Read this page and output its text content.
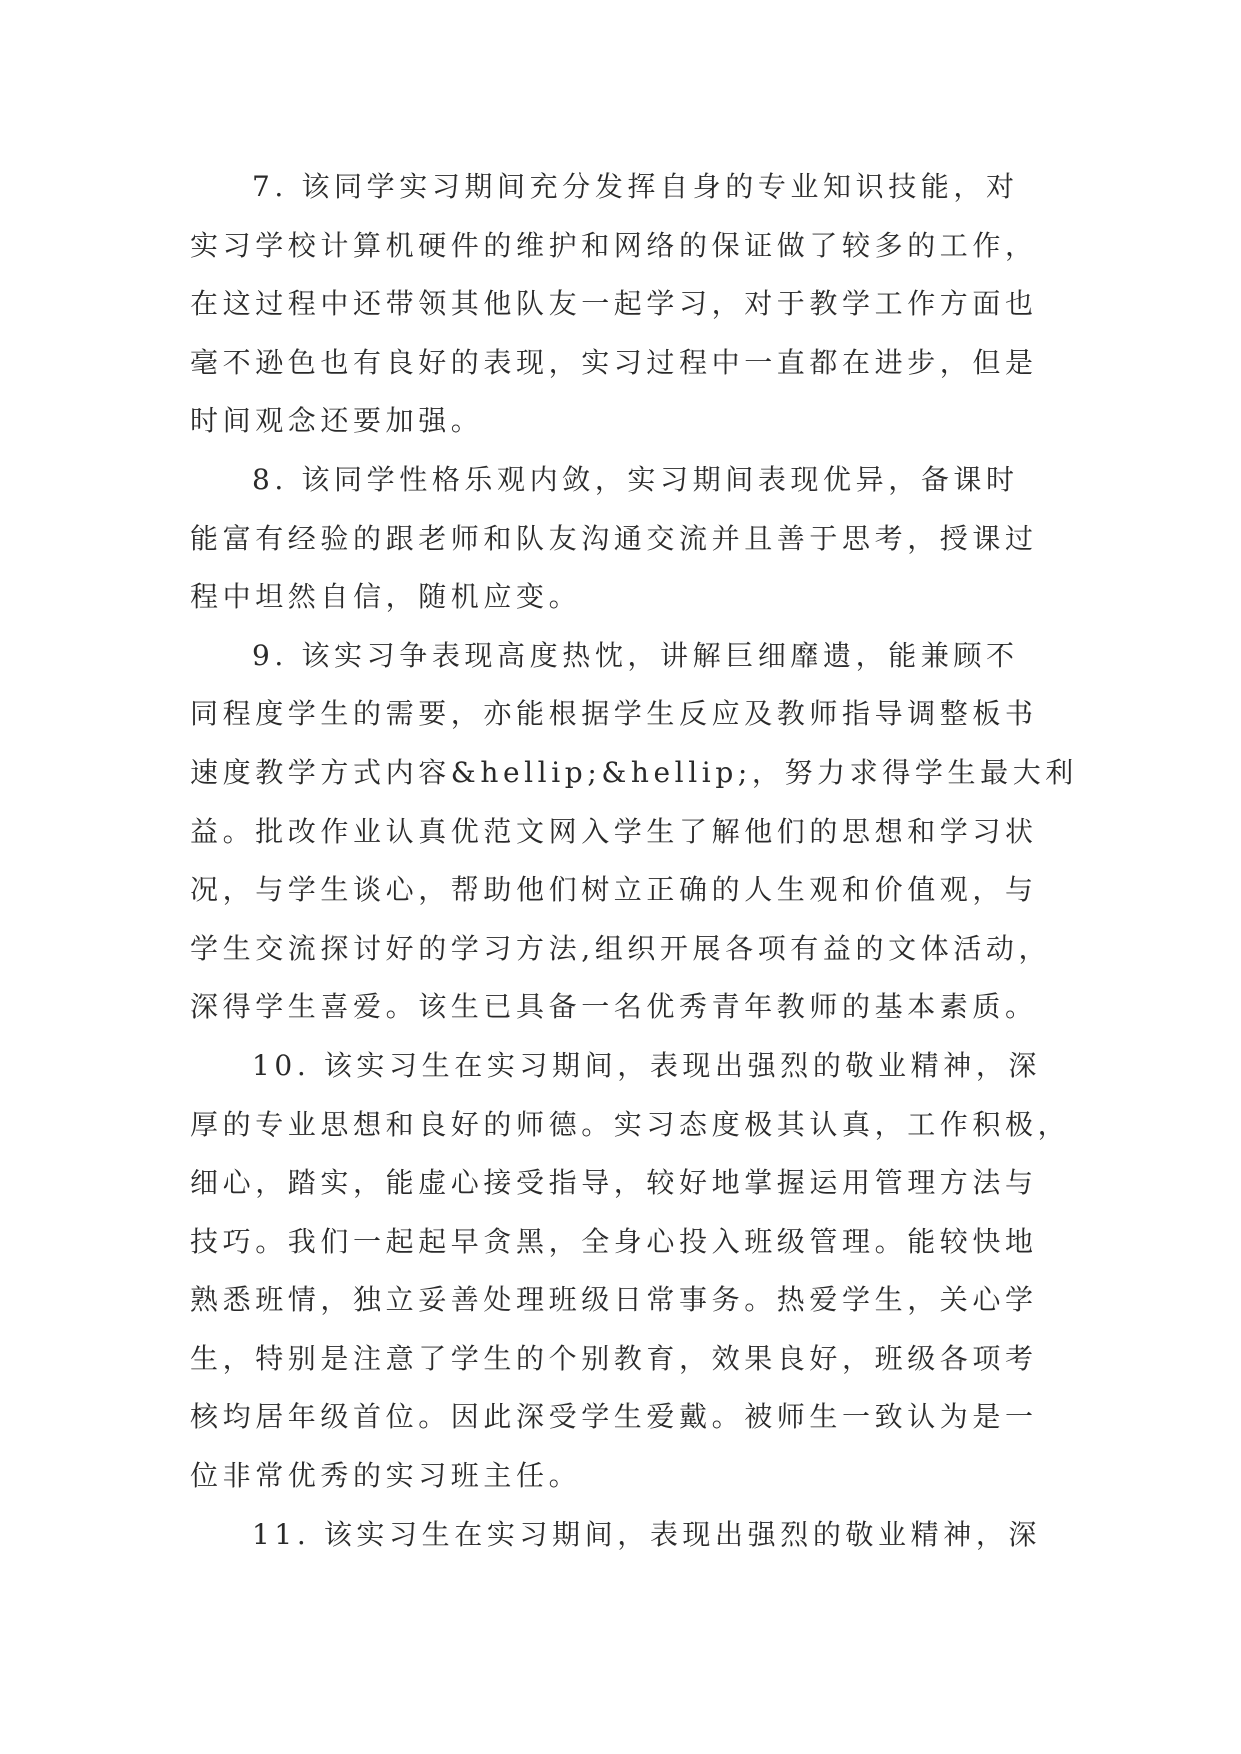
7. 该同学实习期间充分发挥自身的专业知识技能，对
实习学校计算机硬件的维护和网络的保证做了较多的工作，
在这过程中还带领其他队友一起学习，对于教学工作方面也
毫不逊色也有良好的表现，实习过程中一直都在进步，但是
时间观念还要加强。
8. 该同学性格乐观内敛，实习期间表现优异，备课时
能富有经验的跟老师和队友沟通交流并且善于思考，授课过
程中坦然自信，随机应变。
9. 该实习争表现高度热忱，讲解巨细靡遗，能兼顾不
同程度学生的需要，亦能根据学生反应及教师指导调整板书
速度教学方式内容&hellip;&hellip;，努力求得学生最大利
益。批改作业认真优范文网入学生了解他们的思想和学习状
况，与学生谈心，帮助他们树立正确的人生观和价值观，与
学生交流探讨好的学习方法,组织开展各项有益的文体活动，
深得学生喜爱。该生已具备一名优秀青年教师的基本素质。
10. 该实习生在实习期间，表现出强烈的敬业精神，深
厚的专业思想和良好的师德。实习态度极其认真，工作积极，
细心，踏实，能虚心接受指导，较好地掌握运用管理方法与
技巧。我们一起起早贪黑，全身心投入班级管理。能较快地
熟悉班情，独立妥善处理班级日常事务。热爱学生，关心学
生，特别是注意了学生的个别教育，效果良好，班级各项考
核均居年级首位。因此深受学生爱戴。被师生一致认为是一
位非常优秀的实习班主任。
11. 该实习生在实习期间，表现出强烈的敬业精神，深
